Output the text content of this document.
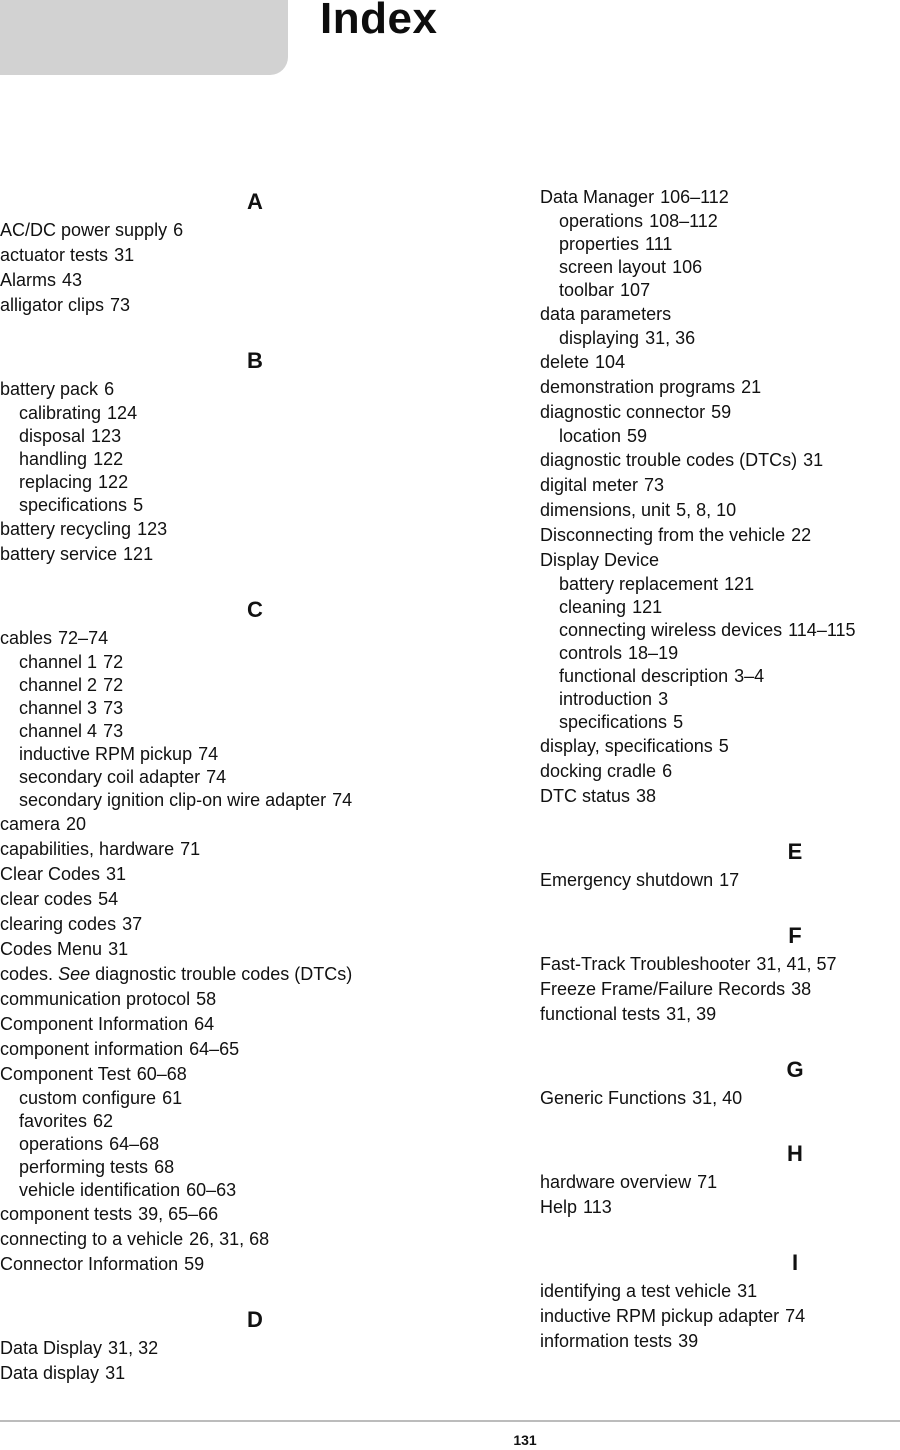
Index
A
AC/DC power supply 6
actuator tests 31
Alarms 43
alligator clips 73
B
battery pack 6
calibrating 124
disposal 123
handling 122
replacing 122
specifications 5
battery recycling 123
battery service 121
C
cables 72–74
channel 1 72
channel 2 72
channel 3 73
channel 4 73
inductive RPM pickup 74
secondary coil adapter 74
secondary ignition clip-on wire adapter 74
camera 20
capabilities, hardware 71
Clear Codes 31
clear codes 54
clearing codes 37
Codes Menu 31
codes. See diagnostic trouble codes (DTCs)
communication protocol 58
Component Information 64
component information 64–65
Component Test 60–68
custom configure 61
favorites 62
operations 64–68
performing tests 68
vehicle identification 60–63
component tests 39, 65–66
connecting to a vehicle 26, 31, 68
Connector Information 59
D
Data Display 31, 32
Data display 31
Data Manager 106–112
operations 108–112
properties 111
screen layout 106
toolbar 107
data parameters
displaying 31, 36
delete 104
demonstration programs 21
diagnostic connector 59
location 59
diagnostic trouble codes (DTCs) 31
digital meter 73
dimensions, unit 5, 8, 10
Disconnecting from the vehicle 22
Display Device
battery replacement 121
cleaning 121
connecting wireless devices 114–115
controls 18–19
functional description 3–4
introduction 3
specifications 5
display, specifications 5
docking cradle 6
DTC status 38
E
Emergency shutdown 17
F
Fast-Track Troubleshooter 31, 41, 57
Freeze Frame/Failure Records 38
functional tests 31, 39
G
Generic Functions 31, 40
H
hardware overview 71
Help 113
I
identifying a test vehicle 31
inductive RPM pickup adapter 74
information tests 39
131
